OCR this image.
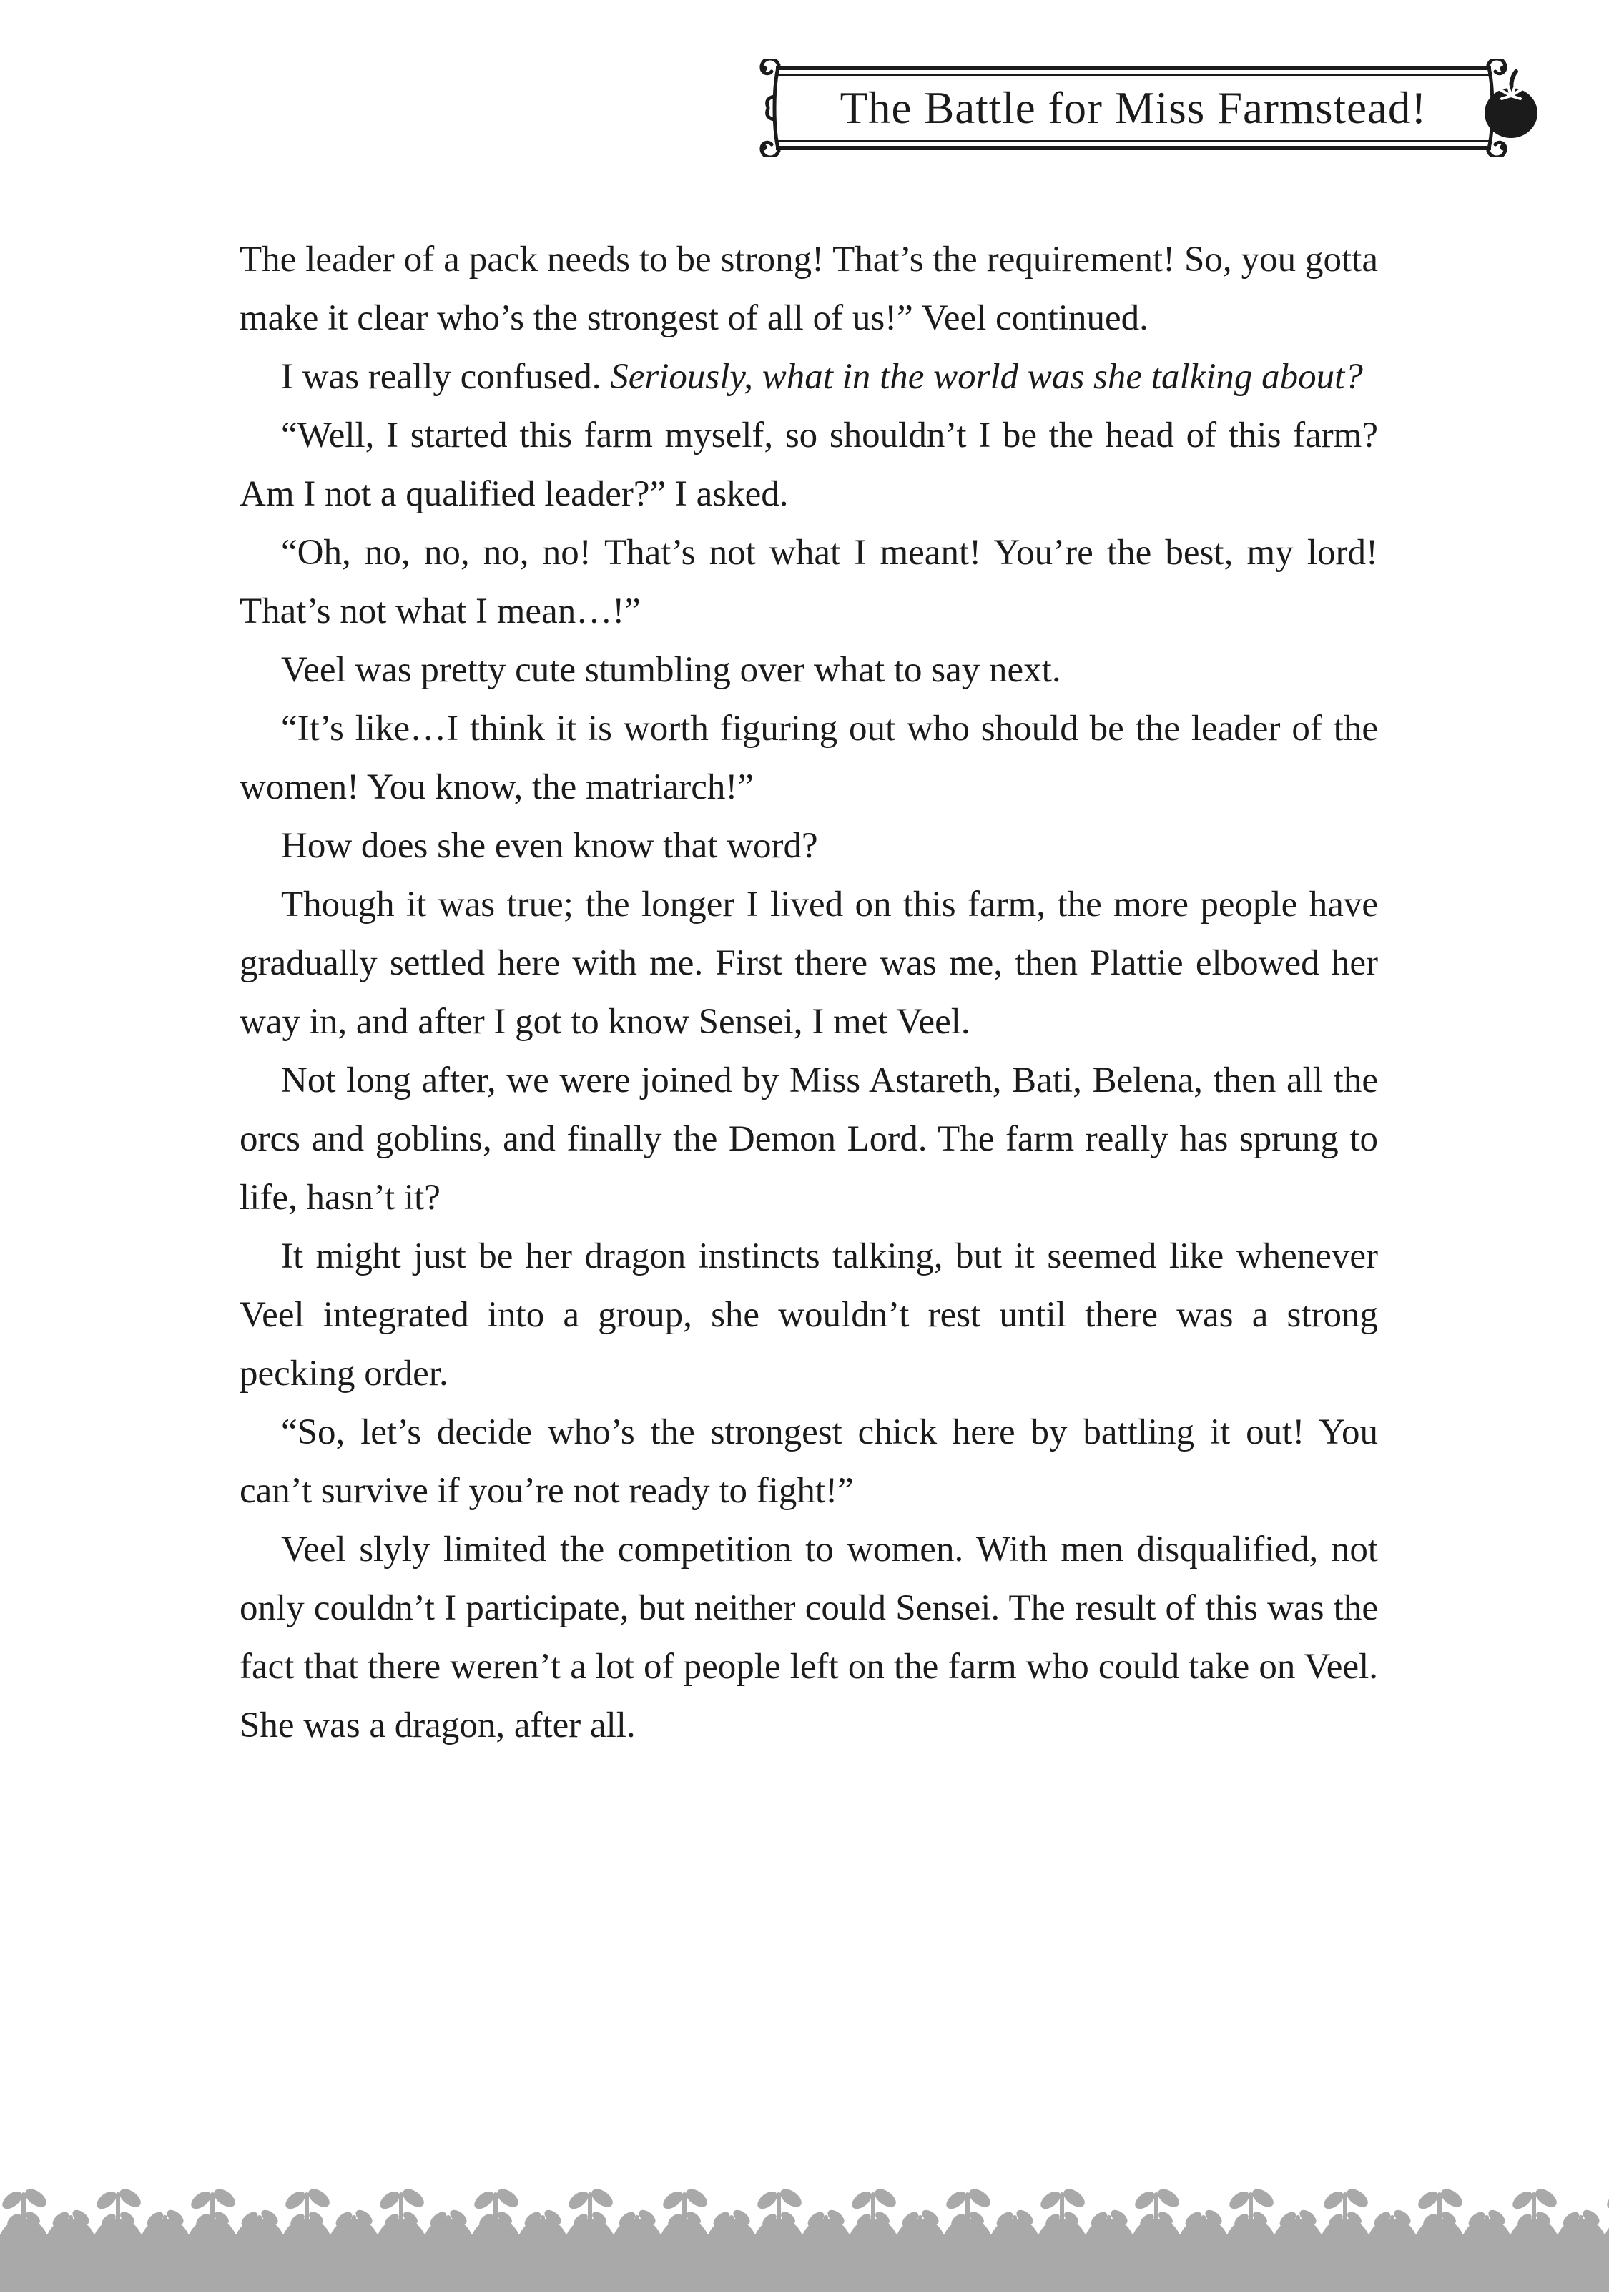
The Battle for Miss Farmstead!

The leader of a pack needs to be strong! That’s the requirement! So, you gotta make it clear who’s the strongest of all of us!” Veel continued.

I was really confused. Seriously, what in the world was she talking about?

“Well, I started this farm myself, so shouldn’t I be the head of this farm? Am I not a qualified leader?” I asked.

“Oh, no, no, no, no! That’s not what I meant! You’re the best, my lord! That’s not what I mean…!”

Veel was pretty cute stumbling over what to say next.

“It’s like…I think it is worth figuring out who should be the leader of the women! You know, the matriarch!”

How does she even know that word?

Though it was true; the longer I lived on this farm, the more people have gradually settled here with me. First there was me, then Plattie elbowed her way in, and after I got to know Sensei, I met Veel.

Not long after, we were joined by Miss Astareth, Bati, Belena, then all the orcs and goblins, and finally the Demon Lord. The farm really has sprung to life, hasn’t it?

It might just be her dragon instincts talking, but it seemed like whenever Veel integrated into a group, she wouldn’t rest until there was a strong pecking order.

“So, let’s decide who’s the strongest chick here by battling it out! You can’t survive if you’re not ready to fight!”

Veel slyly limited the competition to women. With men disqualified, not only couldn’t I participate, but neither could Sensei. The result of this was the fact that there weren’t a lot of people left on the farm who could take on Veel. She was a dragon, after all.
